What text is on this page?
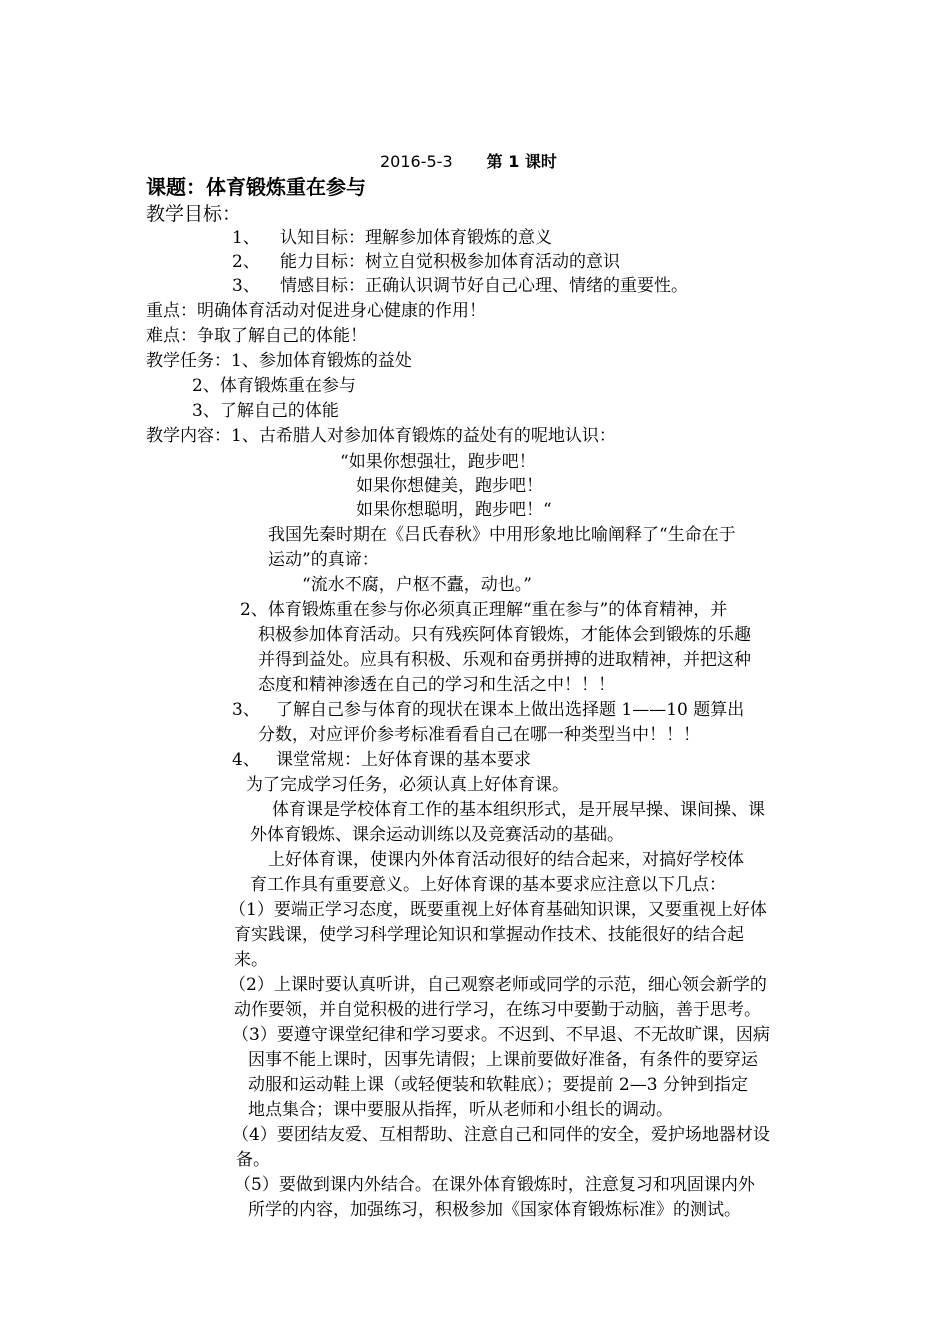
2016-5-3 第 1 课时
课题：体育锻炼重在参与
教学目标：
1、 认知目标：理解参加体育锻炼的意义
2、 能力目标：树立自觉积极参加体育活动的意识
3、 情感目标：正确认识调节好自己心理、情绪的重要性。
重点：明确体育活动对促进身心健康的作用！
难点：争取了解自己的体能！
教学任务：1、参加体育锻炼的益处
2、体育锻炼重在参与
3、了解自己的体能
教学内容：1、古希腊人对参加体育锻炼的益处有的呢地认识：
“如果你想强壮，跑步吧！
如果你想健美，跑步吧！
如果你想聪明，跑步吧！“
我国先秦时期在《吕氏春秋》中用形象地比喻阐释了“生命在于
运动”的真谛：
“流水不腐，户枢不蠹，动也。”
2、体育锻炼重在参与你必须真正理解“重在参与”的体育精神，并
积极参加体育活动。只有残疾阿体育锻炼，才能体会到锻炼的乐趣
并得到益处。应具有积极、乐观和奋勇拼搏的进取精神，并把这种
态度和精神渗透在自己的学习和生活之中！！！
3、 了解自己参与体育的现状在课本上做出选择题 1——10 题算出
分数，对应评价参考标准看看自己在哪一种类型当中！！！
4、 课堂常规：上好体育课的基本要求
为了完成学习任务，必须认真上好体育课。
体育课是学校体育工作的基本组织形式，是开展早操、课间操、课
外体育锻炼、课余运动训练以及竞赛活动的基础。
上好体育课，使课内外体育活动很好的结合起来，对搞好学校体
育工作具有重要意义。上好体育课的基本要求应注意以下几点：
（1）要端正学习态度，既要重视上好体育基础知识课，又要重视上好体
育实践课，使学习科学理论知识和掌握动作技术、技能很好的结合起
来。
（2）上课时要认真听讲，自己观察老师或同学的示范，细心领会新学的
动作要领，并自觉积极的进行学习，在练习中要勤于动脑，善于思考。
（3）要遵守课堂纪律和学习要求。不迟到、不早退、不无故旷课，因病
因事不能上课时，因事先请假；上课前要做好准备，有条件的要穿运
动服和运动鞋上课（或轻便装和软鞋底）；要提前 2—3 分钟到指定
地点集合；课中要服从指挥，听从老师和小组长的调动。
（4）要团结友爱、互相帮助、注意自己和同伴的安全，爱护场地器材设
备。
（5）要做到课内外结合。在课外体育锻炼时，注意复习和巩固课内外
所学的内容，加强练习，积极参加《国家体育锻炼标准》的测试。
